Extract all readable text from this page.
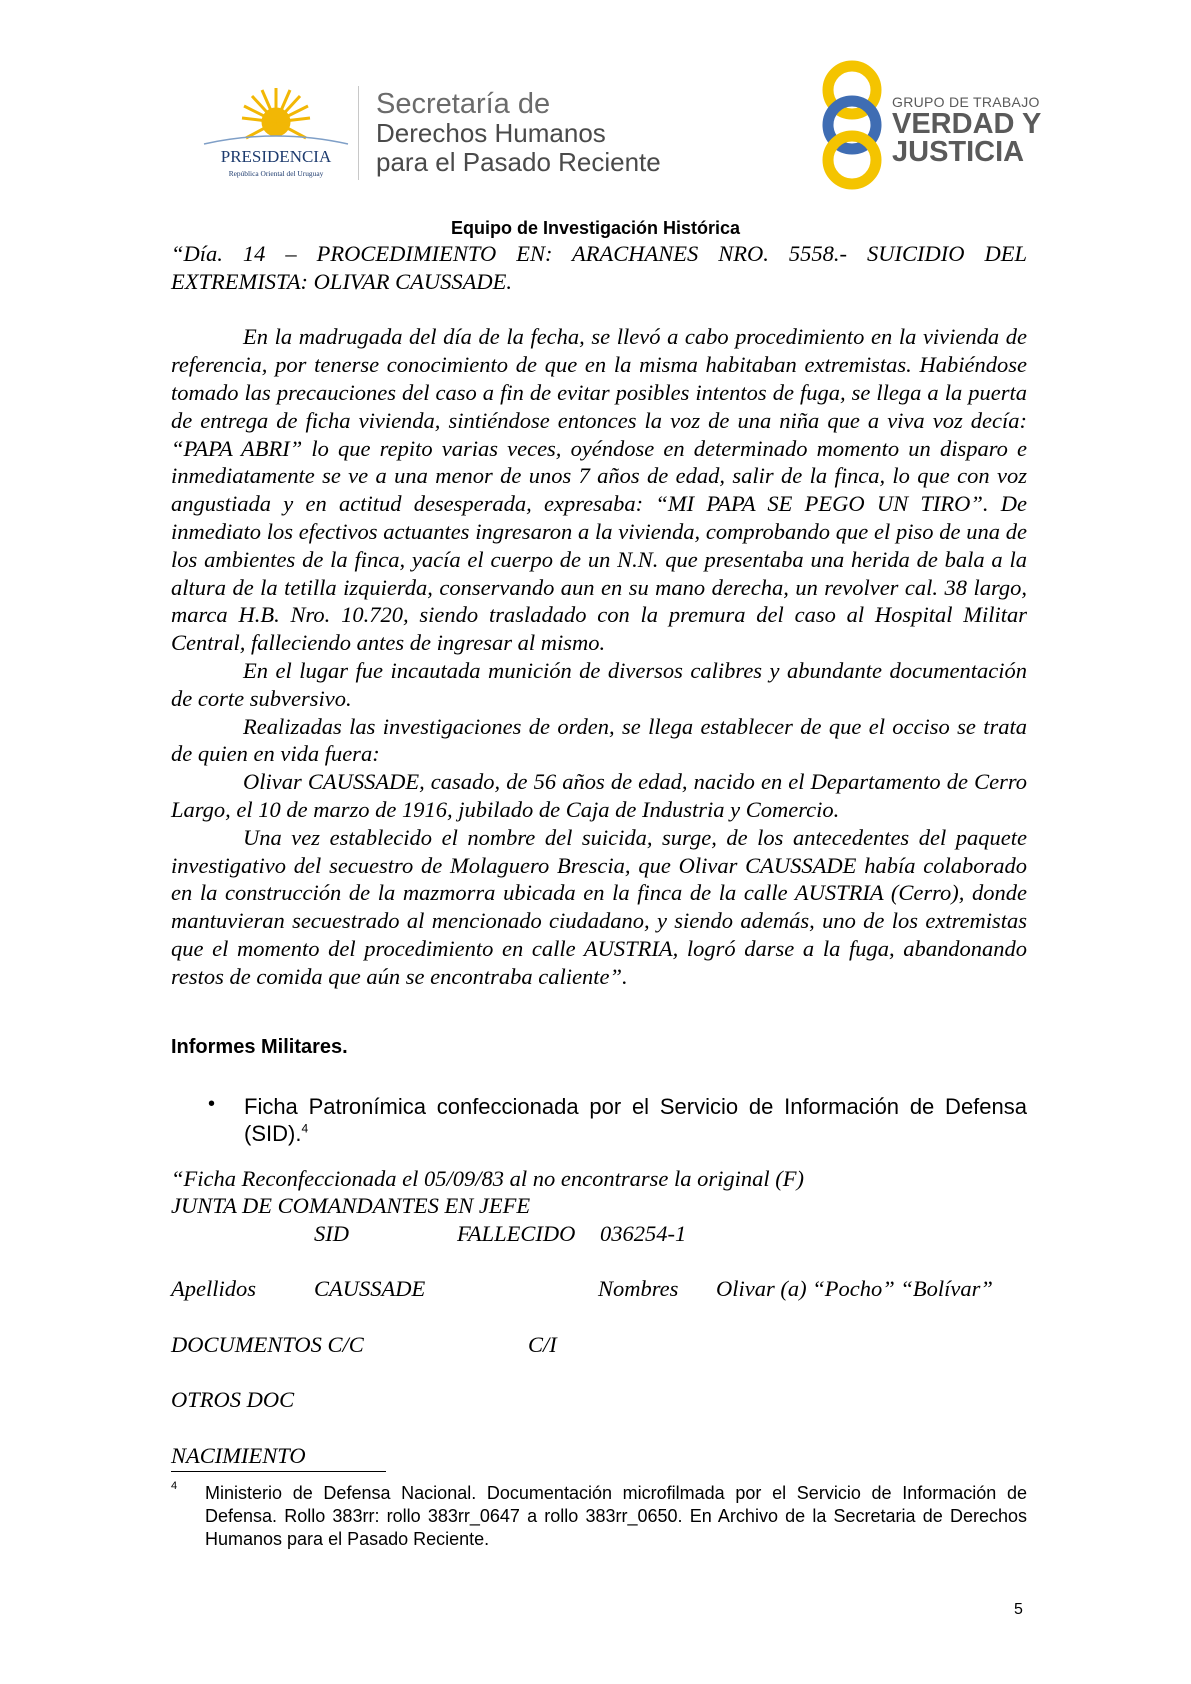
PRESIDENCIA
República Oriental del Uruguay
Secretaría de
Derechos Humanos
para el Pasado Reciente
GRUPO DE TRABAJO
VERDAD Y
JUSTICIA
Equipo de Investigación Histórica

“Día. 14 – PROCEDIMIENTO EN: ARACHANES NRO. 5558.- SUICIDIO DEL EXTREMISTA: OLIVAR CAUSSADE.

En la madrugada del día de la fecha, se llevó a cabo procedimiento en la vivienda de referencia, por tenerse conocimiento de que en la misma habitaban extremistas. Habiéndose tomado las precauciones del caso a fin de evitar posibles intentos de fuga, se llega a la puerta de entrega de ficha vivienda, sintiéndose entonces la voz de una niña que a viva voz decía: “PAPA ABRI” lo que repito varias veces, oyéndose en determinado momento un disparo e inmediatamente se ve a una menor de unos 7 años de edad, salir de la finca, lo que con voz angustiada y en actitud desesperada, expresaba: “MI PAPA SE PEGO UN TIRO”. De inmediato los efectivos actuantes ingresaron a la vivienda, comprobando que el piso de una de los ambientes de la finca, yacía el cuerpo de un N.N. que presentaba una herida de bala a la altura de la tetilla izquierda, conservando aun en su mano derecha, un revolver cal. 38 largo, marca H.B. Nro. 10.720, siendo trasladado con la premura del caso al Hospital Militar Central, falleciendo antes de ingresar al mismo.

En el lugar fue incautada munición de diversos calibres y abundante documentación de corte subversivo.

Realizadas las investigaciones de orden, se llega establecer de que el occiso se trata de quien en vida fuera:

Olivar CAUSSADE, casado, de 56 años de edad, nacido en el Departamento de Cerro Largo, el 10 de marzo de 1916, jubilado de Caja de Industria y Comercio.

Una vez establecido el nombre del suicida, surge, de los antecedentes del paquete investigativo del secuestro de Molaguero Brescia, que Olivar CAUSSADE había colaborado en la construcción de la mazmorra ubicada en la finca de la calle AUSTRIA (Cerro), donde mantuvieran secuestrado al mencionado ciudadano, y siendo además, uno de los extremistas que el momento del procedimiento en calle AUSTRIA, logró darse a la fuga, abandonando restos de comida que aún se encontraba caliente”.

Informes Militares.
• Ficha Patronímica confeccionada por el Servicio de Información de Defensa (SID).$^4$
“Ficha Reconfeccionada el 05/09/83 al no encontrarse la original (F)
JUNTA DE COMANDANTES EN JEFE
SID	FALLECIDO 036254-1
Apellidos	CAUSSADE	Nombres Olivar (a) “Pocho” “Bolívar”
DOCUMENTOS C/C	C/I
OTROS DOC
NACIMIENTO
4 Ministerio de Defensa Nacional. Documentación microfilmada por el Servicio de Información de Defensa. Rollo 383rr: rollo 383rr_0647 a rollo 383rr_0650. En Archivo de la Secretaria de Derechos Humanos para el Pasado Reciente.
5
